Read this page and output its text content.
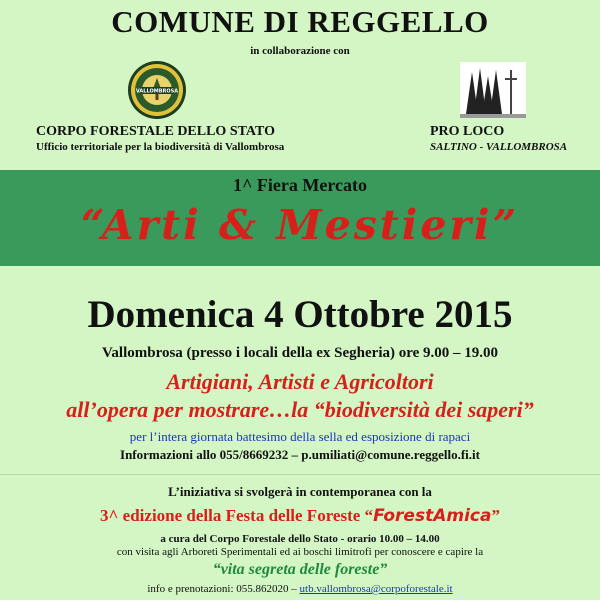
COMUNE DI REGGELLO
in collaborazione con
VALLOMBROSA
CORPO FORESTALE DELLO STATO
Ufficio territoriale per la biodiversità di Vallombrosa
PRO LOCO
SALTINO - VALLOMBROSA
1^ Fiera Mercato
“Arti & Mestieri”
Domenica 4 Ottobre 2015
Vallombrosa (presso i locali della ex Segheria) ore 9.00 – 19.00
Artigiani, Artisti e Agricoltori
all’opera per mostrare…la “biodiversità dei saperi”
per l’intera giornata battesimo della sella ed esposizione di rapaci
Informazioni allo 055/8669232 – p.umiliati@comune.reggello.fi.it
L’iniziativa si svolgerà in contemporanea con la
3^ edizione della Festa delle Foreste “ForestAmica”
a cura del Corpo Forestale dello Stato - orario 10.00 – 14.00
con visita agli Arboreti Sperimentali ed ai boschi limitrofi per conoscere e capire la
“vita segreta delle foreste”
info e prenotazioni: 055.862020 – utb.vallombrosa@corpoforestale.it
